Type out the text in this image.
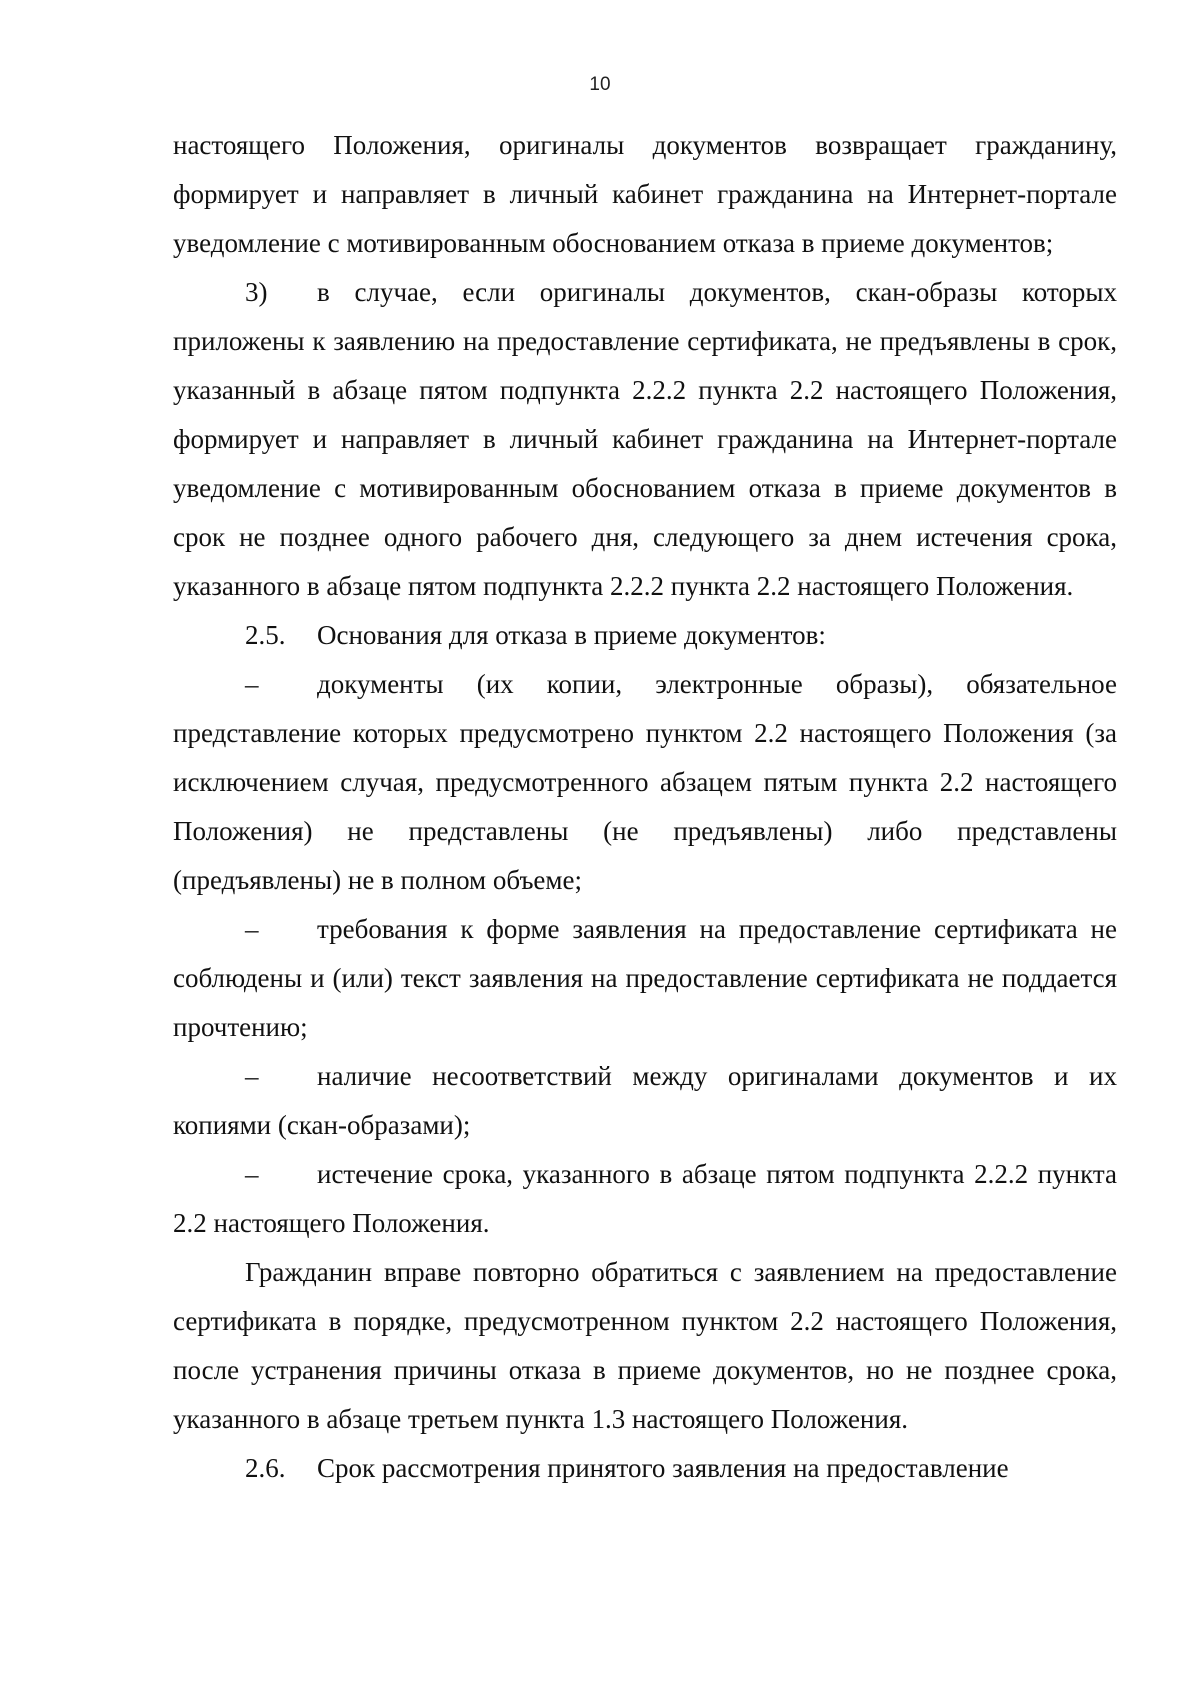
10

настоящего Положения, оригиналы документов возвращает гражданину, формирует и направляет в личный кабинет гражданина на Интернет-портале уведомление с мотивированным обоснованием отказа в приеме документов;

3) в случае, если оригиналы документов, скан-образы которых приложены к заявлению на предоставление сертификата, не предъявлены в срок, указанный в абзаце пятом подпункта 2.2.2 пункта 2.2 настоящего Положения, формирует и направляет в личный кабинет гражданина на Интернет-портале уведомление с мотивированным обоснованием отказа в приеме документов в срок не позднее одного рабочего дня, следующего за днем истечения срока, указанного в абзаце пятом подпункта 2.2.2 пункта 2.2 настоящего Положения.

2.5. Основания для отказа в приеме документов:

– документы (их копии, электронные образы), обязательное представление которых предусмотрено пунктом 2.2 настоящего Положения (за исключением случая, предусмотренного абзацем пятым пункта 2.2 настоящего Положения) не представлены (не предъявлены) либо представлены (предъявлены) не в полном объеме;

– требования к форме заявления на предоставление сертификата не соблюдены и (или) текст заявления на предоставление сертификата не поддается прочтению;

– наличие несоответствий между оригиналами документов и их копиями (скан-образами);

– истечение срока, указанного в абзаце пятом подпункта 2.2.2 пункта 2.2 настоящего Положения.

Гражданин вправе повторно обратиться с заявлением на предоставление сертификата в порядке, предусмотренном пунктом 2.2 настоящего Положения, после устранения причины отказа в приеме документов, но не позднее срока, указанного в абзаце третьем пункта 1.3 настоящего Положения.

2.6. Срок рассмотрения принятого заявления на предоставление
